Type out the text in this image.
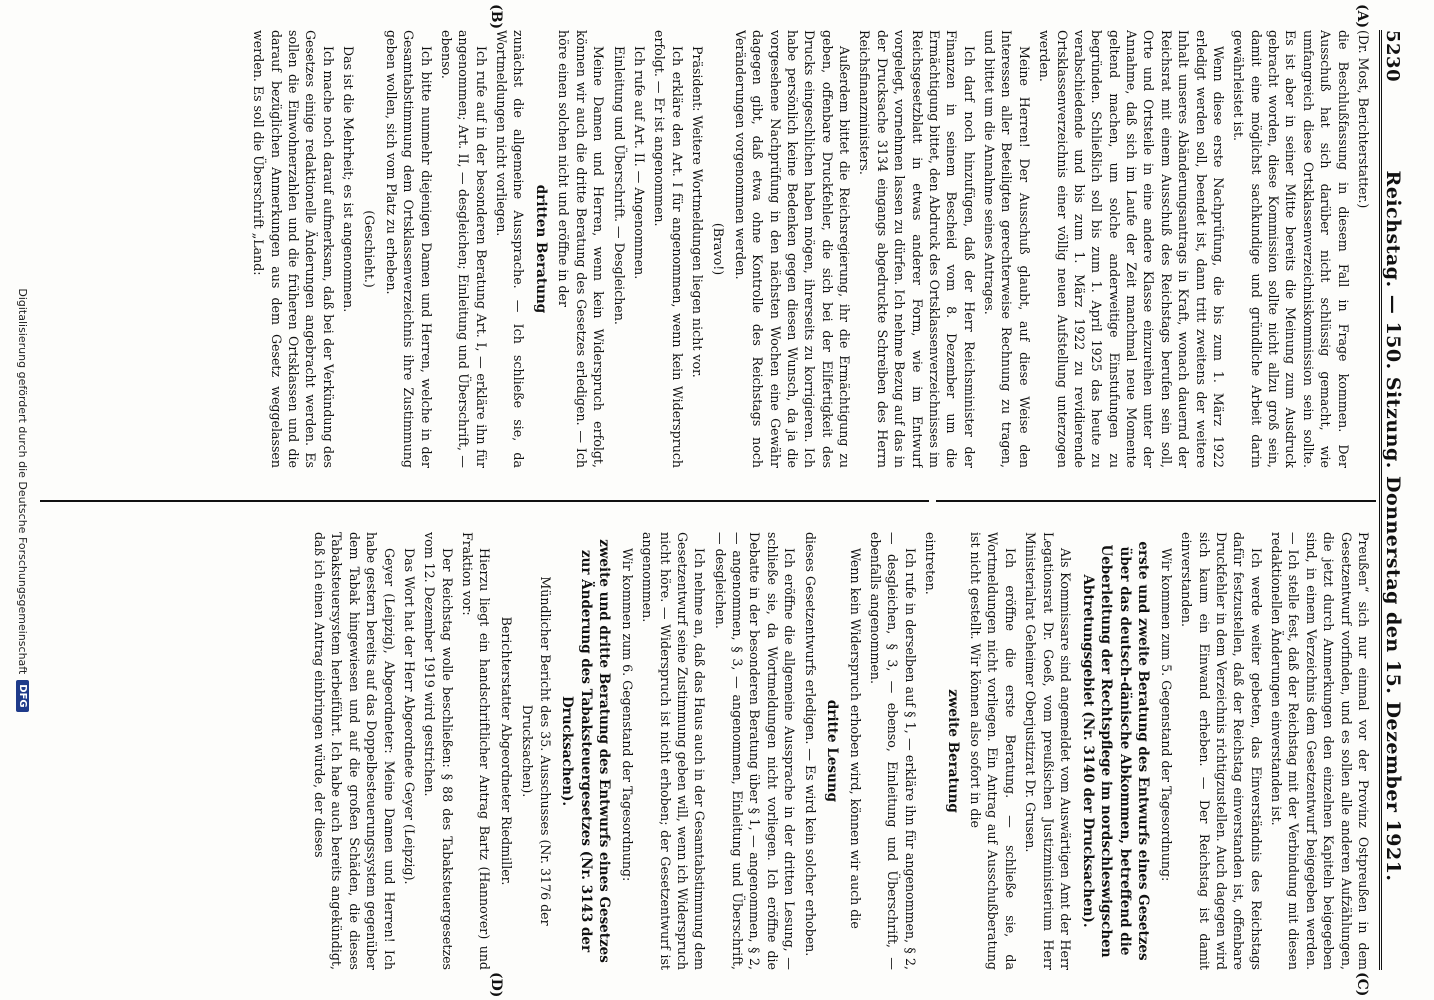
5230
Reichstag. — 150. Sitzung. Donnerstag den 15. Dezember 1921.
(A)
(B)
(C)
(D)

(Dr. Most, Berichterstatter.)

die Beschlußfassung in diesem Fall in Frage kommen. Der Ausschuß hat sich darüber nicht schlüssig gemacht, wie umfangreich diese Ortsklassenverzeichniskommission sein sollte. Es ist aber in seiner Mitte bereits die Meinung zum Ausdruck gebracht worden, diese Kommission sollte nicht allzu groß sein, damit eine möglichst sachkundige und gründliche Arbeit darin gewährleistet ist.

Wenn diese erste Nachprüfung, die bis zum 1. März 1922 erledigt werden soll, beendet ist, dann tritt zweitens der weitere Inhalt unseres Abänderungsantrags in Kraft, wonach dauernd der Reichsrat mit einem Ausschuß des Reichstags berufen sein soll, Orte und Ortsteile in eine andere Klasse einzureihen unter der Annahme, daß sich im Laufe der Zeit manchmal neue Momente geltend machen, um solche anderweitige Einstufungen zu begründen. Schließlich soll bis zum 1. April 1925 das heute zu verabschiedende und bis zum 1. März 1922 zu revidierende Ortsklassenverzeichnis einer völlig neuen Aufstellung unterzogen werden.

Meine Herren! Der Ausschuß glaubt, auf diese Weise den Interessen aller Beteiligten gerechterweise Rechnung zu tragen, und bittet um die Annahme seines Antrages.

Ich darf noch hinzufügen, daß der Herr Reichsminister der Finanzen in seinem Bescheid vom 8. Dezember um die Ermächtigung bittet, den Abdruck des Ortsklassenverzeichnisses im Reichsgesetzblatt in etwas anderer Form, wie im Entwurf vorgelegt, vornehmen lassen zu dürfen. Ich nehme Bezug auf das in der Drucksache 3134 eingangs abgedruckte Schreiben des Herrn Reichsfinanzministers.

Außerdem bittet die Reichsregierung, ihr die Ermächtigung zu geben, offenbare Druckfehler, die sich bei der Eilfertigkeit des Drucks eingeschlichen haben mögen, ihrerseits zu korrigieren. Ich habe persönlich keine Bedenken gegen diesen Wunsch, da ja die vorgesehene Nachprüfung in den nächsten Wochen eine Gewähr dagegen gibt, daß etwa ohne Kontrolle des Reichstags noch Veränderungen vorgenommen werden.

(Bravo!)

Präsident: Weitere Wortmeldungen liegen nicht vor.

Ich erkläre den Art. I für angenommen, wenn kein Widerspruch erfolgt. — Er ist angenommen.

Ich rufe auf Art. II. — Angenommen.

Einleitung und Überschrift. — Desgleichen.

Meine Damen und Herren, wenn kein Widerspruch erfolgt, können wir auch die dritte Beratung des Gesetzes erledigen. — Ich höre einen solchen nicht und eröffne in der

dritten Beratung

zunächst die allgemeine Aussprache. — Ich schließe sie, da Wortmeldungen nicht vorliegen.

Ich rufe auf in der besonderen Beratung Art. I, — erkläre ihn für angenommen; Art. II, — desgleichen; Einleitung und Überschrift, — ebenso.

Ich bitte nunmehr diejenigen Damen und Herren, welche in der Gesamtabstimmung dem Ortsklassenverzeichnis ihre Zustimmung geben wollen, sich vom Platz zu erheben.

(Geschieht.)

Das ist die Mehrheit; es ist angenommen.

Ich mache noch darauf aufmerksam, daß bei der Verkündung des Gesetzes einige redaktionelle Änderungen angebracht werden. Es sollen die Einwohnerzahlen und die früheren Ortsklassen und die darauf bezüglichen Anmerkungen aus dem Gesetz weggelassen werden. Es soll die Überschrift „Land:

Preußen“ sich nur einmal vor der Provinz Ostpreußen in dem Gesetzentwurf vorfinden, und es sollen alle anderen Aufzählungen, die jetzt durch Anmerkungen den einzelnen Kapiteln beigegeben sind, in einem Verzeichnis dem Gesetzentwurf beigegeben werden. — Ich stelle fest, daß der Reichstag mit der Verbindung mit diesen redaktionellen Änderungen einverstanden ist.

Ich werde weiter gebeten, das Einverständnis des Reichstags dafür festzustellen, daß der Reichstag einverstanden ist, offenbare Druckfehler in dem Verzeichnis richtigzustellen. Auch dagegen wird sich kaum ein Einwand erheben. — Der Reichstag ist damit einverstanden.

Wir kommen zum 5. Gegenstand der Tagesordnung:

erste und zweite Beratung des Entwurfs eines Gesetzes über das deutsch-dänische Abkommen, betreffend die Ueberleitung der Rechtspflege im nordschleswigschen Abtretungsgebiet (Nr. 3140 der Drucksachen).

Als Kommissare sind angemeldet vom Auswärtigen Amt der Herr Legationsrat Dr. Goeß, vom preußischen Justizministerium Herr Ministerialrat Geheimer Oberjustizrat Dr. Grusen.

Ich eröffne die erste Beratung. — schließe sie, da Wortmeldungen nicht vorliegen. Ein Antrag auf Ausschußberatung ist nicht gestellt. Wir können also sofort in die

zweite Beratung

eintreten.

Ich rufe in derselben auf § 1, — erkläre ihn für angenommen, § 2, — desgleichen, § 3, — ebenso, Einleitung und Überschrift, — ebenfalls angenommen.

Wenn kein Widerspruch erhoben wird, können wir auch die

dritte Lesung

dieses Gesetzentwurfs erledigen. — Es wird kein solcher erhoben.

Ich eröffne die allgemeine Aussprache in der dritten Lesung, — schließe sie, da Wortmeldungen nicht vorliegen. Ich eröffne die Debatte in der besonderen Beratung über § 1, — angenommen, § 2, — angenommen, § 3, — angenommen, Einleitung und Überschrift, — desgleichen.

Ich nehme an, daß das Haus auch in der Gesamtabstimmung dem Gesetzentwurf seine Zustimmung geben will, wenn ich Widerspruch nicht höre. — Widerspruch ist nicht erhoben; der Gesetzentwurf ist angenommen.

Wir kommen zum 6. Gegenstand der Tagesordnung:

zweite und dritte Beratung des Entwurfs eines Gesetzes zur Änderung des Tabaksteuergesetzes (Nr. 3143 der Drucksachen).

Mündlicher Bericht des 35. Ausschusses (Nr. 3176 der Drucksachen).

Berichterstatter Abgeordneter Riedmiller.

Hierzu liegt ein handschriftlicher Antrag Bartz (Hannover) und Fraktion vor:

Der Reichstag wolle beschließen: § 88 des Tabaksteuergesetzes vom 12. Dezember 1919 wird gestrichen.

Das Wort hat der Herr Abgeordnete Geyer (Leipzig).

Geyer (Leipzig), Abgeordneter: Meine Damen und Herren! Ich habe gestern bereits auf das Doppelbesteuerungssystem gegenüber dem Tabak hingewiesen und auf die großen Schäden, die dieses Tabaksteuersystem herbeiführt. Ich habe auch bereits angekündigt, daß ich einen Antrag einbringen würde, der dieses

Digitalisierung gefördert durch die Deutsche Forschungsgemeinschaft
DFG
